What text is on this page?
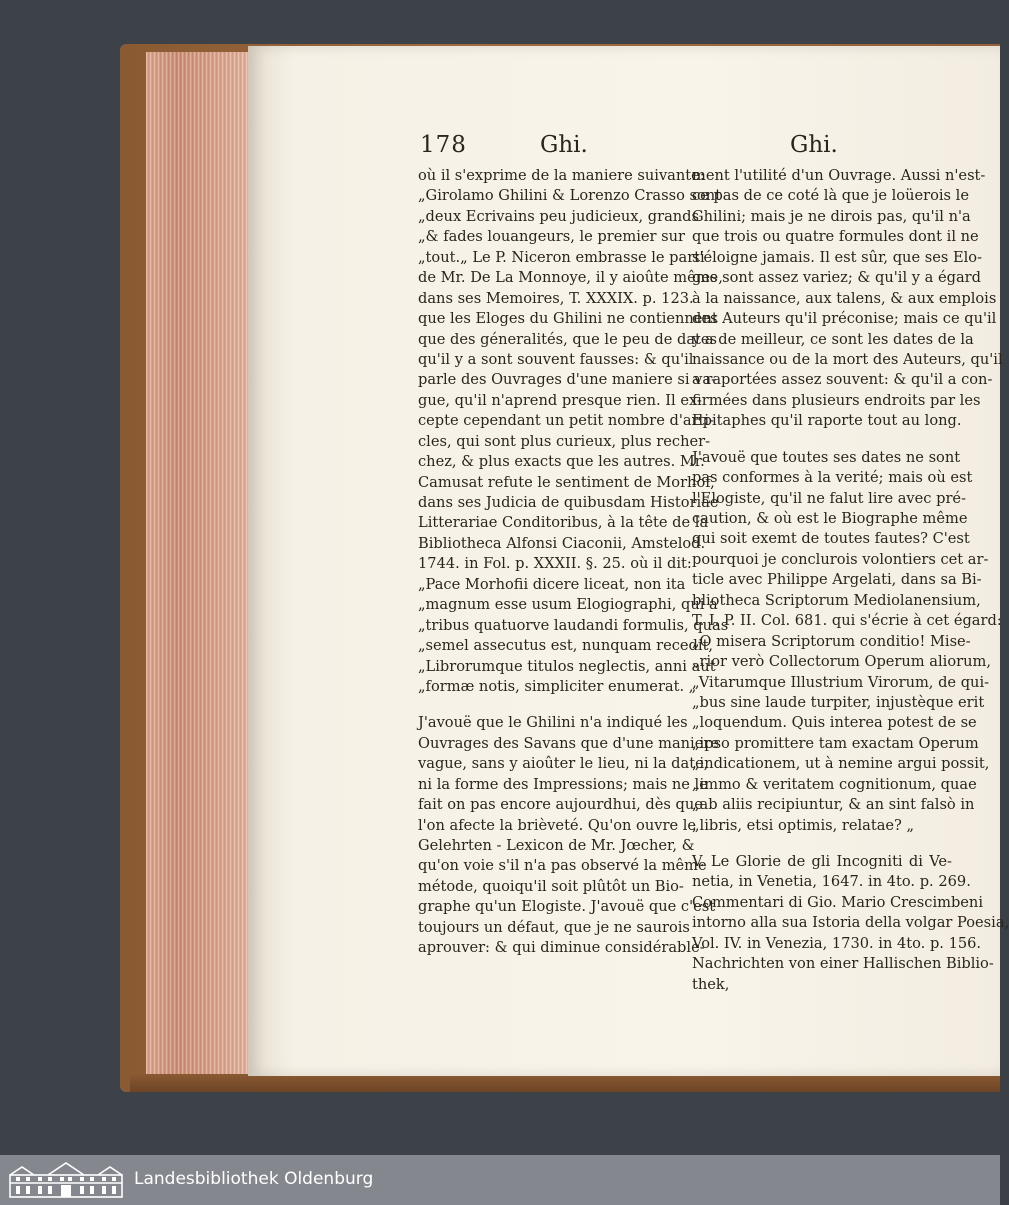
178	Ghi.	Ghi.
où il s'exprime de la maniere suivante:
„Girolamo Ghilini & Lorenzo Crasso sont
„deux Ecrivains peu judicieux, grands
„& fades louangeurs, le premier sur
„tout.„ Le P. Niceron embrasse le parti
de Mr. De La Monnoye, il y aioûte même,
dans ses Memoires, T. XXXIX. p. 123.
que les Eloges du Ghilini ne contiennent
que des géneralités, que le peu de dates
qu'il y a sont souvent fausses: & qu'il
parle des Ouvrages d'une maniere si va-
gue, qu'il n'aprend presque rien. Il ex-
cepte cependant un petit nombre d'arti-
cles, qui sont plus curieux, plus recher-
chez, & plus exacts que les autres. Mr.
Camusat refute le sentiment de Morhof,
dans ses Judicia de quibusdam Historiae
Litterariae Conditoribus, à la tête de la
Bibliotheca Alfonsi Ciaconii, Amstelod.
1744. in Fol. p. XXXII. §. 25. où il dit:
„Pace Morhofii dicere liceat, non ita
„magnum esse usum Elogiographi, qui a
„tribus quatuorve laudandi formulis, quas
„semel assecutus est, nunquam recedit,
„Librorumque titulos neglectis, anni aut
„formæ notis, simpliciter enumerat. „
J'avouë que le Ghilini n'a indiqué les
Ouvrages des Savans que d'une maniere
vague, sans y aioûter le lieu, ni la date,
ni la forme des Impressions; mais ne le
fait on pas encore aujourdhui, dès que
l'on afecte la brièveté. Qu'on ouvre le
Gelehrten - Lexicon de Mr. Jœcher, &
qu'on voie s'il n'a pas observé la même
métode, quoiqu'il soit plûtôt un Bio-
graphe qu'un Elogiste. J'avouë que c'est
toujours un défaut, que je ne saurois
aprouver: & qui diminue considérable-
ment l'utilité d'un Ouvrage. Aussi n'est-
ce pas de ce coté là que je loüerois le
Ghilini; mais je ne dirois pas, qu'il n'a
que trois ou quatre formules dont il ne
s'éloigne jamais. Il est sûr, que ses Elo-
ges sont assez variez; & qu'il y a égard
à la naissance, aux talens, & aux emplois
des Auteurs qu'il préconise; mais ce qu'il
y a de meilleur, ce sont les dates de la
naissance ou de la mort des Auteurs, qu'il
a raportées assez souvent: & qu'il a con-
firmées dans plusieurs endroits par les
Epitaphes qu'il raporte tout au long.
J'avouë que toutes ses dates ne sont
pas conformes à la verité; mais où est
l'Elogiste, qu'il ne falut lire avec pré-
caution, & où est le Biographe même
qui soit exemt de toutes fautes? C'est
pourquoi je conclurois volontiers cet ar-
ticle avec Philippe Argelati, dans sa Bi-
bliotheca Scriptorum Mediolanensium,
T. I. P. II. Col. 681. qui s'écrie à cet égard:
„O misera Scriptorum conditio! Mise-
„rior verò Collectorum Operum aliorum,
„Vitarumque Illustrium Virorum, de qui-
„bus sine laude turpiter, injustèque erit
„loquendum. Quis interea potest de se
„ipso promittere tam exactam Operum
„indicationem, ut à nemine argui possit,
„immo & veritatem cognitionum, quae
„ab aliis recipiuntur, & an sint falsò in
„libris, etsi optimis, relatae? „
V. Le Glorie de gli Incogniti di Ve-
netia, in Venetia, 1647. in 4to. p. 269.
Commentari di Gio. Mario Crescimbeni
intorno alla sua Istoria della volgar Poesia,
Vol. IV. in Venezia, 1730. in 4to. p. 156.
Nachrichten von einer Hallischen Biblio-
thek,
Landesbibliothek Oldenburg
